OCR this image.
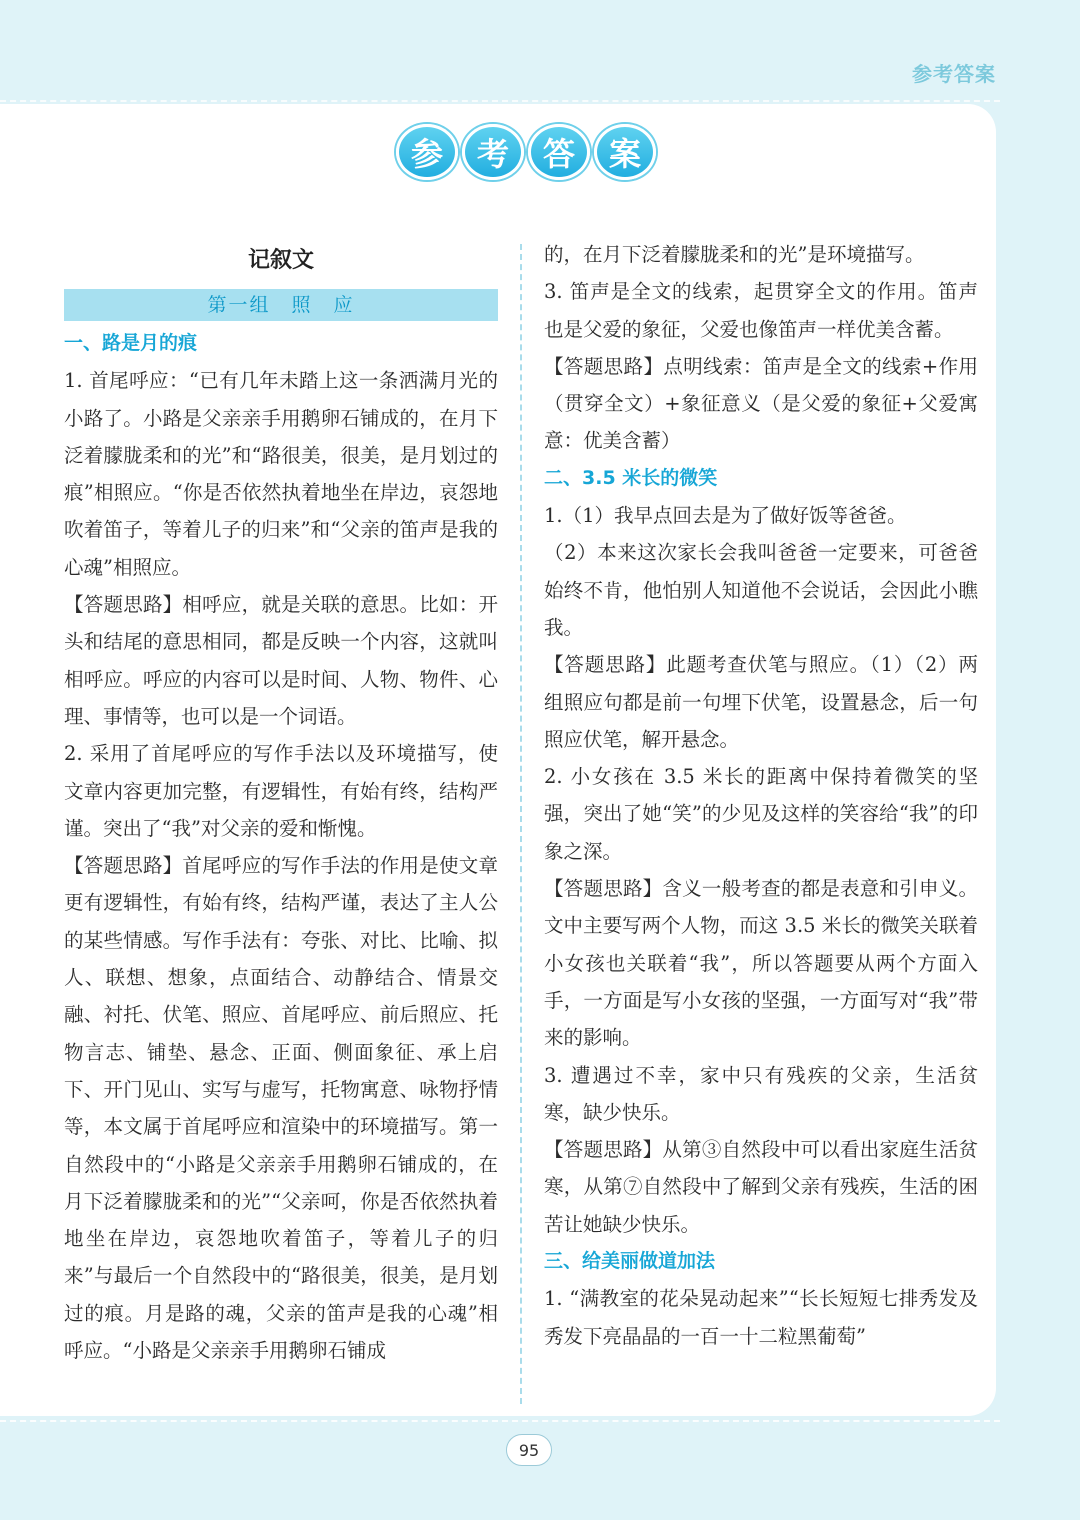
参考答案
参	考	答	案
记叙文
第一组　照　应

一、路是月的痕

1. 首尾呼应：“已有几年未踏上这一条洒满月光的小路了。小路是父亲亲手用鹅卵石铺成的，在月下泛着朦胧柔和的光”和“路很美，很美，是月划过的痕”相照应。“你是否依然执着地坐在岸边，哀怨地吹着笛子，等着儿子的归来”和“父亲的笛声是我的心魂”相照应。

【答题思路】相呼应，就是关联的意思。比如：开头和结尾的意思相同，都是反映一个内容，这就叫相呼应。呼应的内容可以是时间、人物、物件、心理、事情等，也可以是一个词语。

2. 采用了首尾呼应的写作手法以及环境描写，使文章内容更加完整，有逻辑性，有始有终，结构严谨。突出了“我”对父亲的爱和惭愧。

【答题思路】首尾呼应的写作手法的作用是使文章更有逻辑性，有始有终，结构严谨，表达了主人公的某些情感。写作手法有：夸张、对比、比喻、拟人、联想、想象，点面结合、动静结合、情景交融、衬托、伏笔、照应、首尾呼应、前后照应、托物言志、铺垫、悬念、正面、侧面象征、承上启下、开门见山、实写与虚写，托物寓意、咏物抒情等，本文属于首尾呼应和渲染中的环境描写。第一自然段中的“小路是父亲亲手用鹅卵石铺成的，在月下泛着朦胧柔和的光”“父亲呵，你是否依然执着地坐在岸边，哀怨地吹着笛子，等着儿子的归来”与最后一个自然段中的“路很美，很美，是月划过的痕。月是路的魂，父亲的笛声是我的心魂”相呼应。“小路是父亲亲手用鹅卵石铺成

的，在月下泛着朦胧柔和的光”是环境描写。

3. 笛声是全文的线索，起贯穿全文的作用。笛声也是父爱的象征，父爱也像笛声一样优美含蓄。

【答题思路】点明线索：笛声是全文的线索+作用（贯穿全文）+象征意义（是父爱的象征+父爱寓意：优美含蓄）

二、3.5 米长的微笑

1.（1）我早点回去是为了做好饭等爸爸。

（2）本来这次家长会我叫爸爸一定要来，可爸爸始终不肯，他怕别人知道他不会说话，会因此小瞧我。

【答题思路】此题考查伏笔与照应。（1）（2）两组照应句都是前一句埋下伏笔，设置悬念，后一句照应伏笔，解开悬念。

2. 小女孩在 3.5 米长的距离中保持着微笑的坚强，突出了她“笑”的少见及这样的笑容给“我”的印象之深。

【答题思路】含义一般考查的都是表意和引申义。文中主要写两个人物，而这 3.5 米长的微笑关联着小女孩也关联着“我”，所以答题要从两个方面入手，一方面是写小女孩的坚强，一方面写对“我”带来的影响。

3. 遭遇过不幸，家中只有残疾的父亲，生活贫寒，缺少快乐。

【答题思路】从第③自然段中可以看出家庭生活贫寒，从第⑦自然段中了解到父亲有残疾，生活的困苦让她缺少快乐。

三、给美丽做道加法

1. “满教室的花朵晃动起来”“长长短短七排秀发及秀发下亮晶晶的一百一十二粒黑葡萄”

95
